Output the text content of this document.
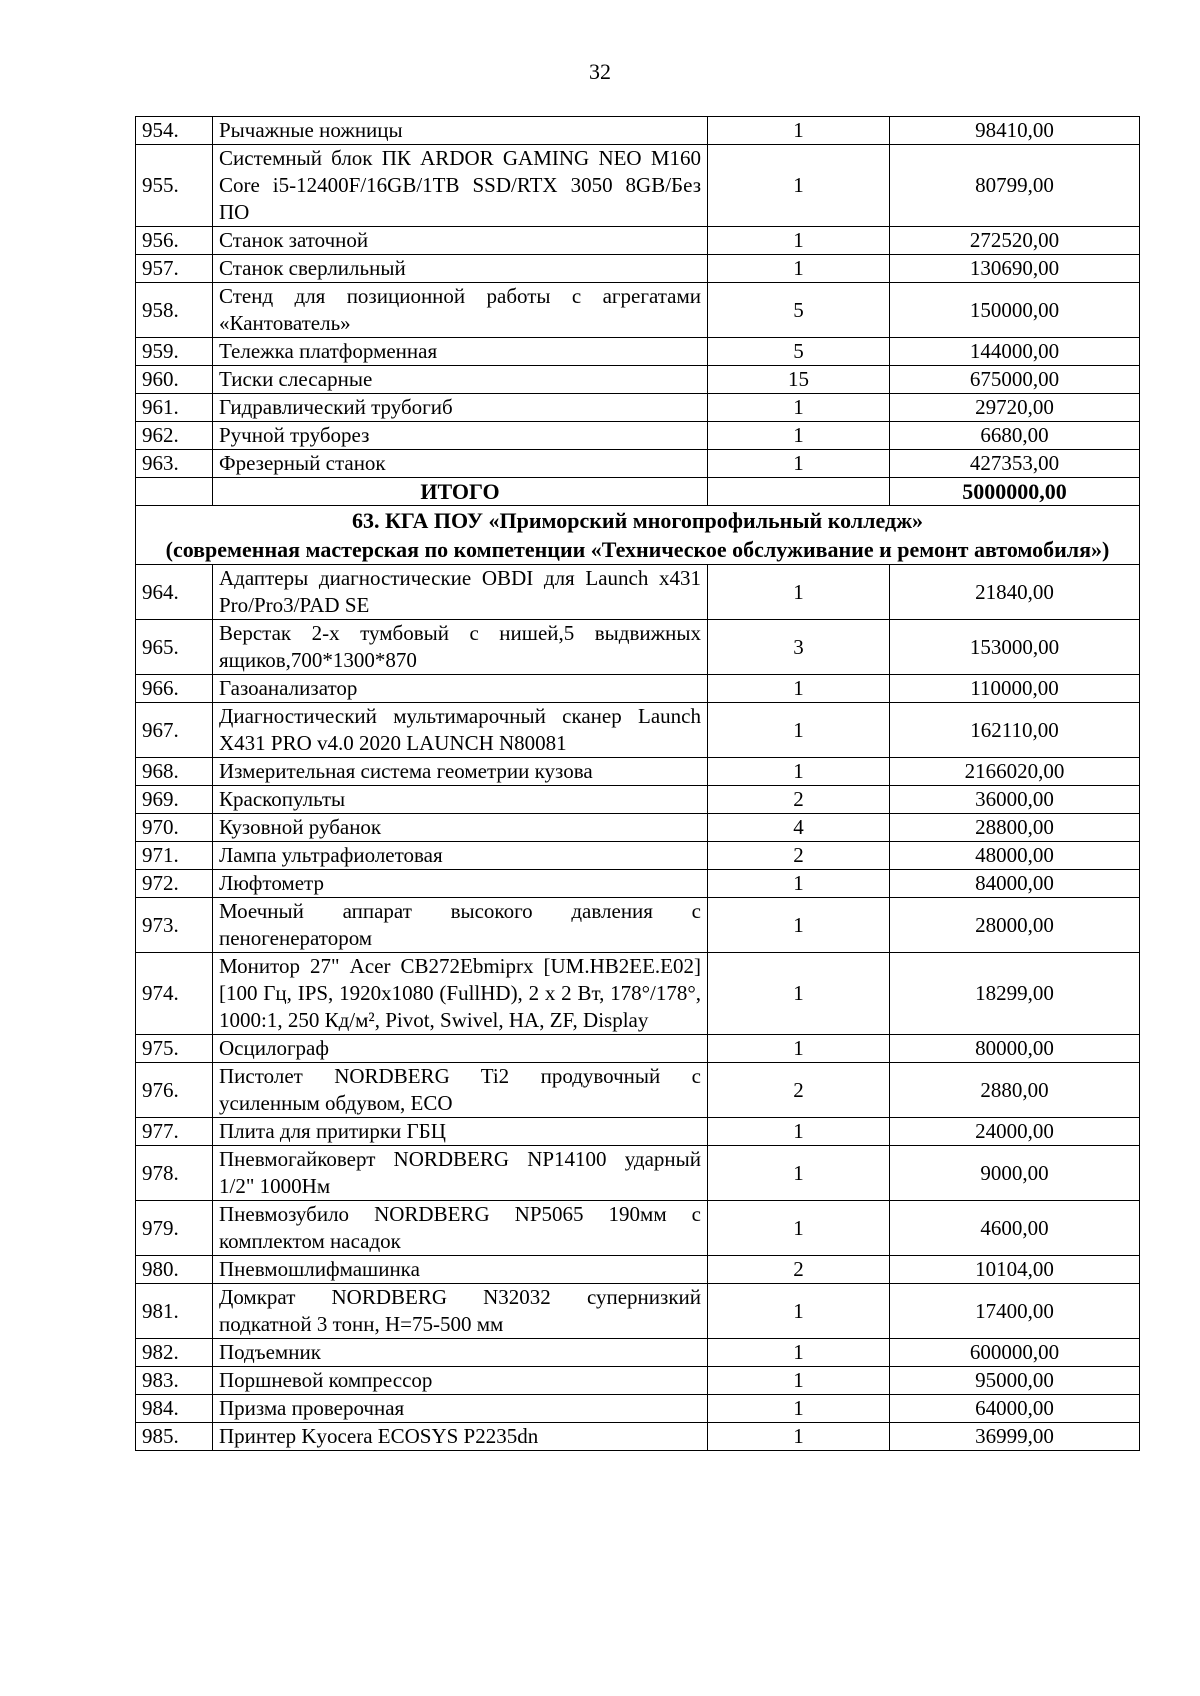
32
954.	Рычажные ножницы	1	98410,00
955.	Системный блок ПК ARDOR GAMING NEO M160 Core i5-12400F/16GB/1TB SSD/RTX 3050 8GB/Без ПО	1	80799,00
956.	Станок заточной	1	272520,00
957.	Станок сверлильный	1	130690,00
958.	Стенд для позиционной работы с агрегатами «Кантователь»	5	150000,00
959.	Тележка платформенная	5	144000,00
960.	Тиски слесарные	15	675000,00
961.	Гидравлический трубогиб	1	29720,00
962.	Ручной труборез	1	6680,00
963.	Фрезерный станок	1	427353,00
	ИТОГО		5000000,00

63. КГА ПОУ «Приморский многопрофильный колледж»
(современная мастерская по компетенции «Техническое обслуживание и ремонт автомобиля»)			

964.	Адаптеры диагностические OBDI для Launch x431 Pro/Pro3/PAD SE	1	21840,00
965.	Верстак 2-х тумбовый с нишей,5 выдвижных ящиков,700*1300*870	3	153000,00
966.	Газоанализатор	1	110000,00
967.	Диагностический мультимарочный сканер Launch X431 PRO v4.0 2020 LAUNCH N80081	1	162110,00
968.	Измерительная система геометрии кузова	1	2166020,00
969.	Краскопульты	2	36000,00
970.	Кузовной рубанок	4	28800,00
971.	Лампа ультрафиолетовая	2	48000,00
972.	Люфтометр	1	84000,00
973.	Моечный аппарат высокого давления с пеногенератором	1	28000,00
974.	Монитор 27" Acer CB272Ebmiprx [UM.HB2EE.E02] [100 Гц, IPS, 1920x1080 (FullHD), 2 x 2 Вт, 178°/178°, 1000:1, 250 Кд/м², Pivot, Swivel, HA, ZF, Display	1	18299,00
975.	Осцилограф	1	80000,00
976.	Пистолет NORDBERG Ti2 продувочный с усиленным обдувом, ECO	2	2880,00
977.	Плита для притирки ГБЦ	1	24000,00
978.	Пневмогайковерт NORDBERG NP14100 ударный 1/2" 1000Нм	1	9000,00
979.	Пневмозубило NORDBERG NP5065 190мм с комплектом насадок	1	4600,00
980.	Пневмошлифмашинка	2	10104,00
981.	Домкрат NORDBERG N32032 супернизкий подкатной 3 тонн, H=75-500 мм	1	17400,00
982.	Подъемник	1	600000,00
983.	Поршневой компрессор	1	95000,00
984.	Призма проверочная	1	64000,00
985.	Принтер Kyocera ECOSYS P2235dn	1	36999,00
